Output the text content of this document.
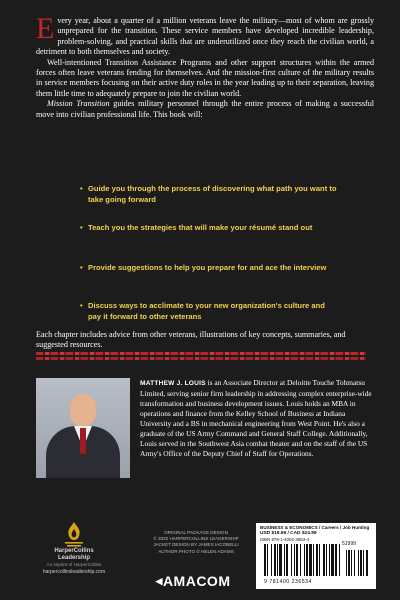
Every year, about a quarter of a million veterans leave the military—most of whom are grossly unprepared for the transition. These service members have developed incredible leadership, problem-solving, and practical skills that are underutilized once they reach the civilian world, a detriment to both themselves and society.

Well-intentioned Transition Assistance Programs and other support structures within the armed forces often leave veterans fending for themselves. And the mission-first culture of the military results in service members focusing on their active duty roles in the year leading up to their separation, leaving them little time to adequately prepare to join the civilian world.

Mission Transition guides military personnel through the entire process of making a successful move into civilian professional life. This book will:

• Guide you through the process of discovering what path you want to take going forward
• Teach you the strategies that will make your résumé stand out
• Provide suggestions to help you prepare for and ace the interview
• Discuss ways to acclimate to your new organization's culture and pay it forward to other veterans
Each chapter includes advice from other veterans, illustrations of key concepts, summaries, and suggested resources.
MATTHEW J. LOUIS is an Associate Director at Deloitte Touche Tohmatsu Limited, serving senior firm leadership in addressing complex enterprise-wide transformation and business development issues. Louis holds an MBA in operations and finance from the Kelley School of Business at Indiana University and a BS in mechanical engineering from West Point. He's also a graduate of the US Army Command and General Staff College. Additionally, Louis served in the Southwest Asia combat theater and on the staff of the US Army's Office of the Deputy Chief of Staff for Operations.
HarperCollins
Leadership
An imprint of HarperCollins
harpercollinsleadership.com
ORIGINAL PACKAGE DESIGN
© 2022 HARPERCOLLINS LEADERSHIP
JACKET DESIGN BY JAMES IACOBELLI
AUTHOR PHOTO © HELEN ADAMS
◀AMACOM
BUSINESS & ECONOMICS / Careers / Job Hunting
USD $19.99 / CAD $24.99
ISBN 978-1-4002-3653-4
51999
9 781400 236534
